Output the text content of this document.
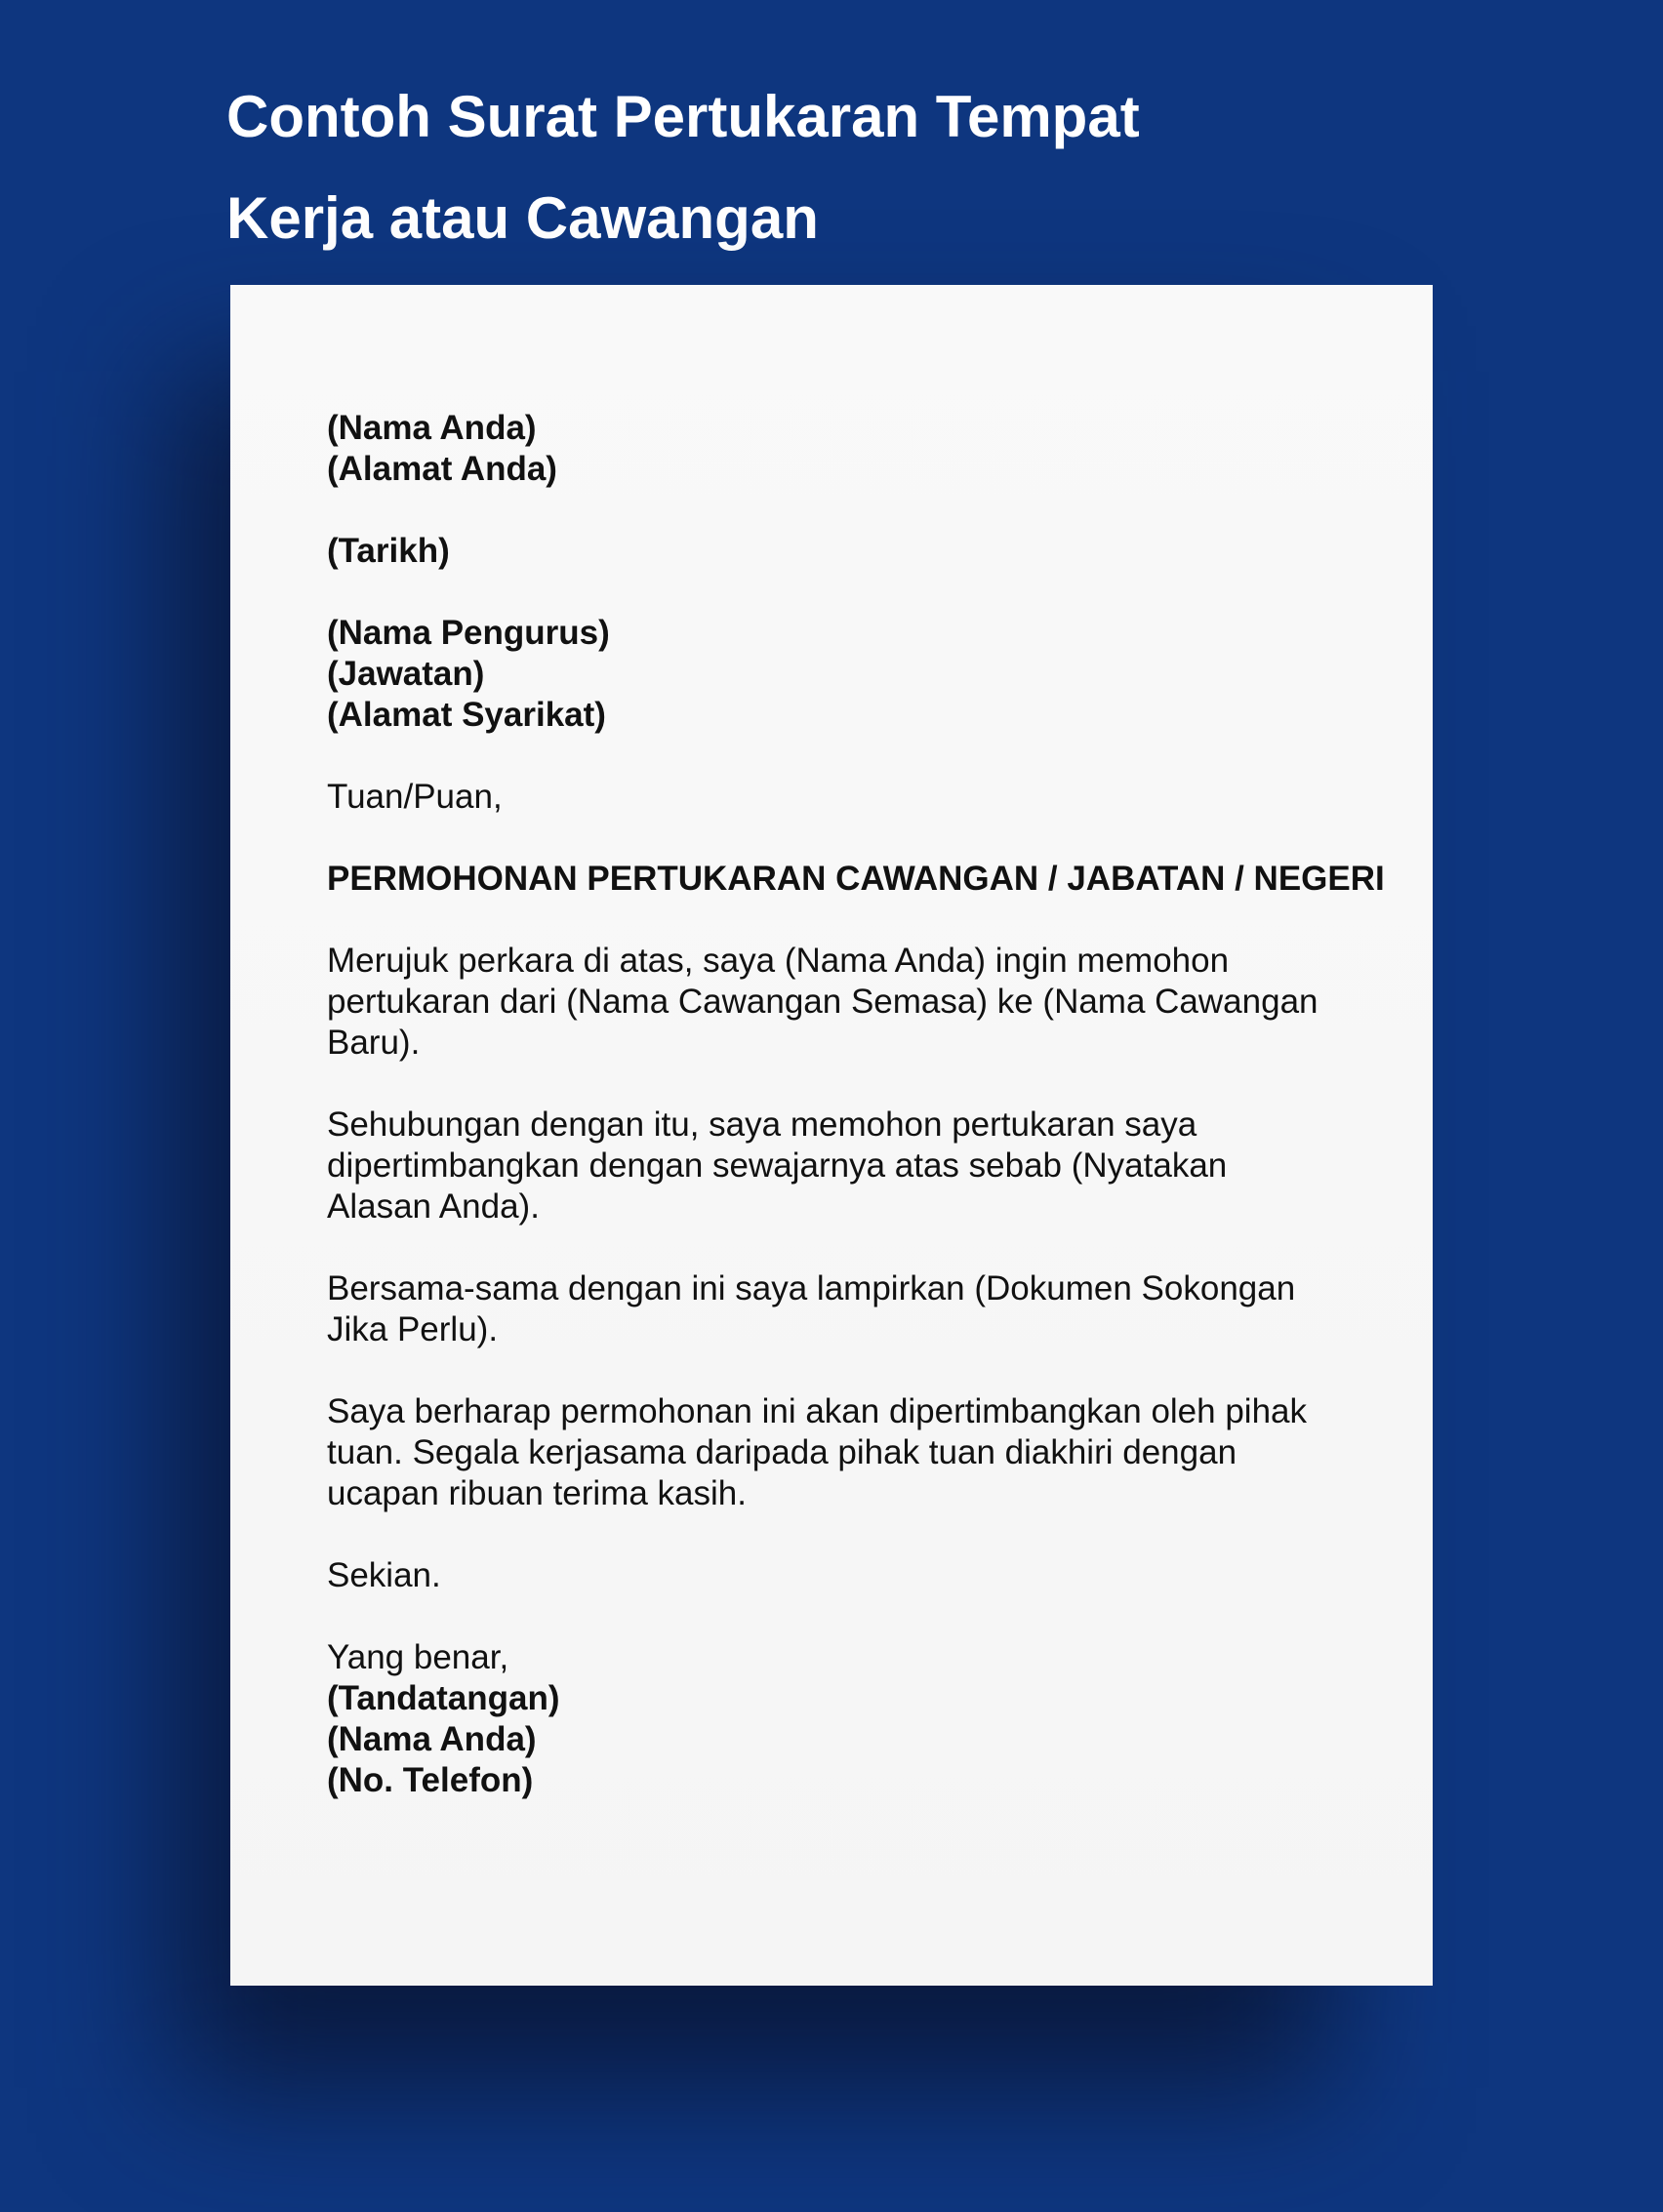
Contoh Surat Pertukaran Tempat
Kerja atau Cawangan
(Nama Anda)
(Alamat Anda)
(Tarikh)
(Nama Pengurus)
(Jawatan)
(Alamat Syarikat)
Tuan/Puan,
PERMOHONAN PERTUKARAN CAWANGAN / JABATAN / NEGERI
Merujuk perkara di atas, saya (Nama Anda) ingin memohon
pertukaran dari (Nama Cawangan Semasa) ke (Nama Cawangan
Baru).
Sehubungan dengan itu, saya memohon pertukaran saya
dipertimbangkan dengan sewajarnya atas sebab (Nyatakan
Alasan Anda).
Bersama-sama dengan ini saya lampirkan (Dokumen Sokongan
Jika Perlu).
Saya berharap permohonan ini akan dipertimbangkan oleh pihak
tuan. Segala kerjasama daripada pihak tuan diakhiri dengan
ucapan ribuan terima kasih.
Sekian.
Yang benar,
(Tandatangan)
(Nama Anda)
(No. Telefon)
